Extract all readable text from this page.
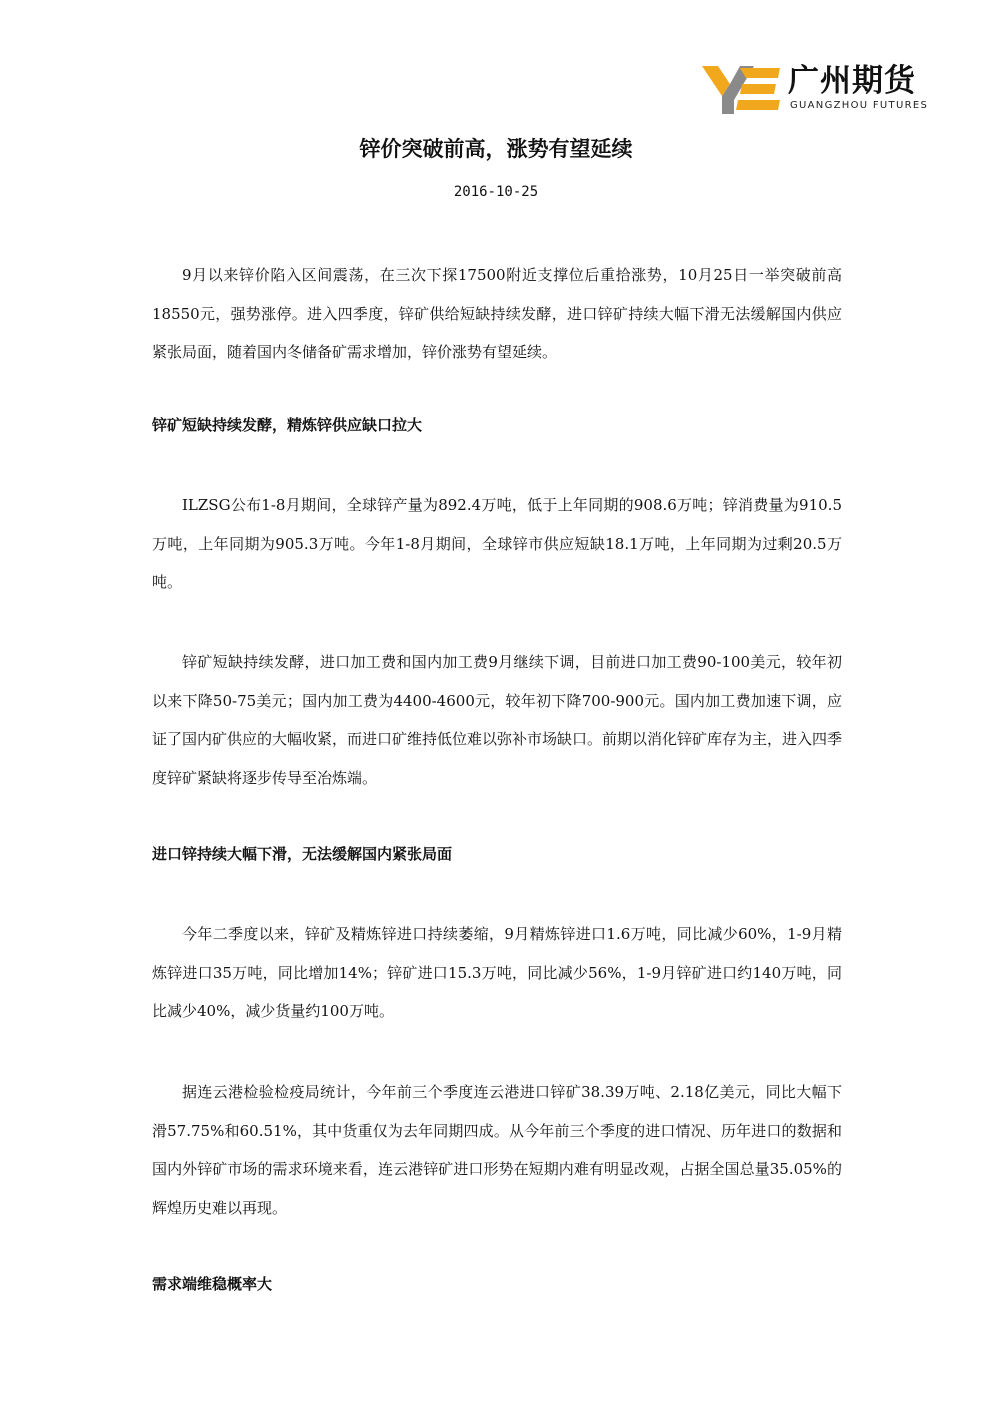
广州期货
GUANGZHOU FUTURES
锌价突破前高，涨势有望延续
2016-10-25

9月以来锌价陷入区间震荡，在三次下探17500附近支撑位后重拾涨势，10月25日一举突破前高18550元，强势涨停。进入四季度，锌矿供给短缺持续发酵，进口锌矿持续大幅下滑无法缓解国内供应紧张局面，随着国内冬储备矿需求增加，锌价涨势有望延续。

锌矿短缺持续发酵，精炼锌供应缺口拉大

ILZSG公布1-8月期间，全球锌产量为892.4万吨，低于上年同期的908.6万吨；锌消费量为910.5万吨，上年同期为905.3万吨。今年1-8月期间，全球锌市供应短缺18.1万吨，上年同期为过剩20.5万吨。

锌矿短缺持续发酵，进口加工费和国内加工费9月继续下调，目前进口加工费90-100美元，较年初以来下降50-75美元；国内加工费为4400-4600元，较年初下降700-900元。国内加工费加速下调，应证了国内矿供应的大幅收紧，而进口矿维持低位难以弥补市场缺口。前期以消化锌矿库存为主，进入四季度锌矿紧缺将逐步传导至冶炼端。

进口锌持续大幅下滑，无法缓解国内紧张局面

今年二季度以来，锌矿及精炼锌进口持续萎缩，9月精炼锌进口1.6万吨，同比减少60%，1-9月精炼锌进口35万吨，同比增加14%；锌矿进口15.3万吨，同比减少56%，1-9月锌矿进口约140万吨，同比减少40%，减少货量约100万吨。

据连云港检验检疫局统计，今年前三个季度连云港进口锌矿38.39万吨、2.18亿美元，同比大幅下滑57.75%和60.51%，其中货重仅为去年同期四成。从今年前三个季度的进口情况、历年进口的数据和国内外锌矿市场的需求环境来看，连云港锌矿进口形势在短期内难有明显改观，占据全国总量35.05%的辉煌历史难以再现。

需求端维稳概率大
